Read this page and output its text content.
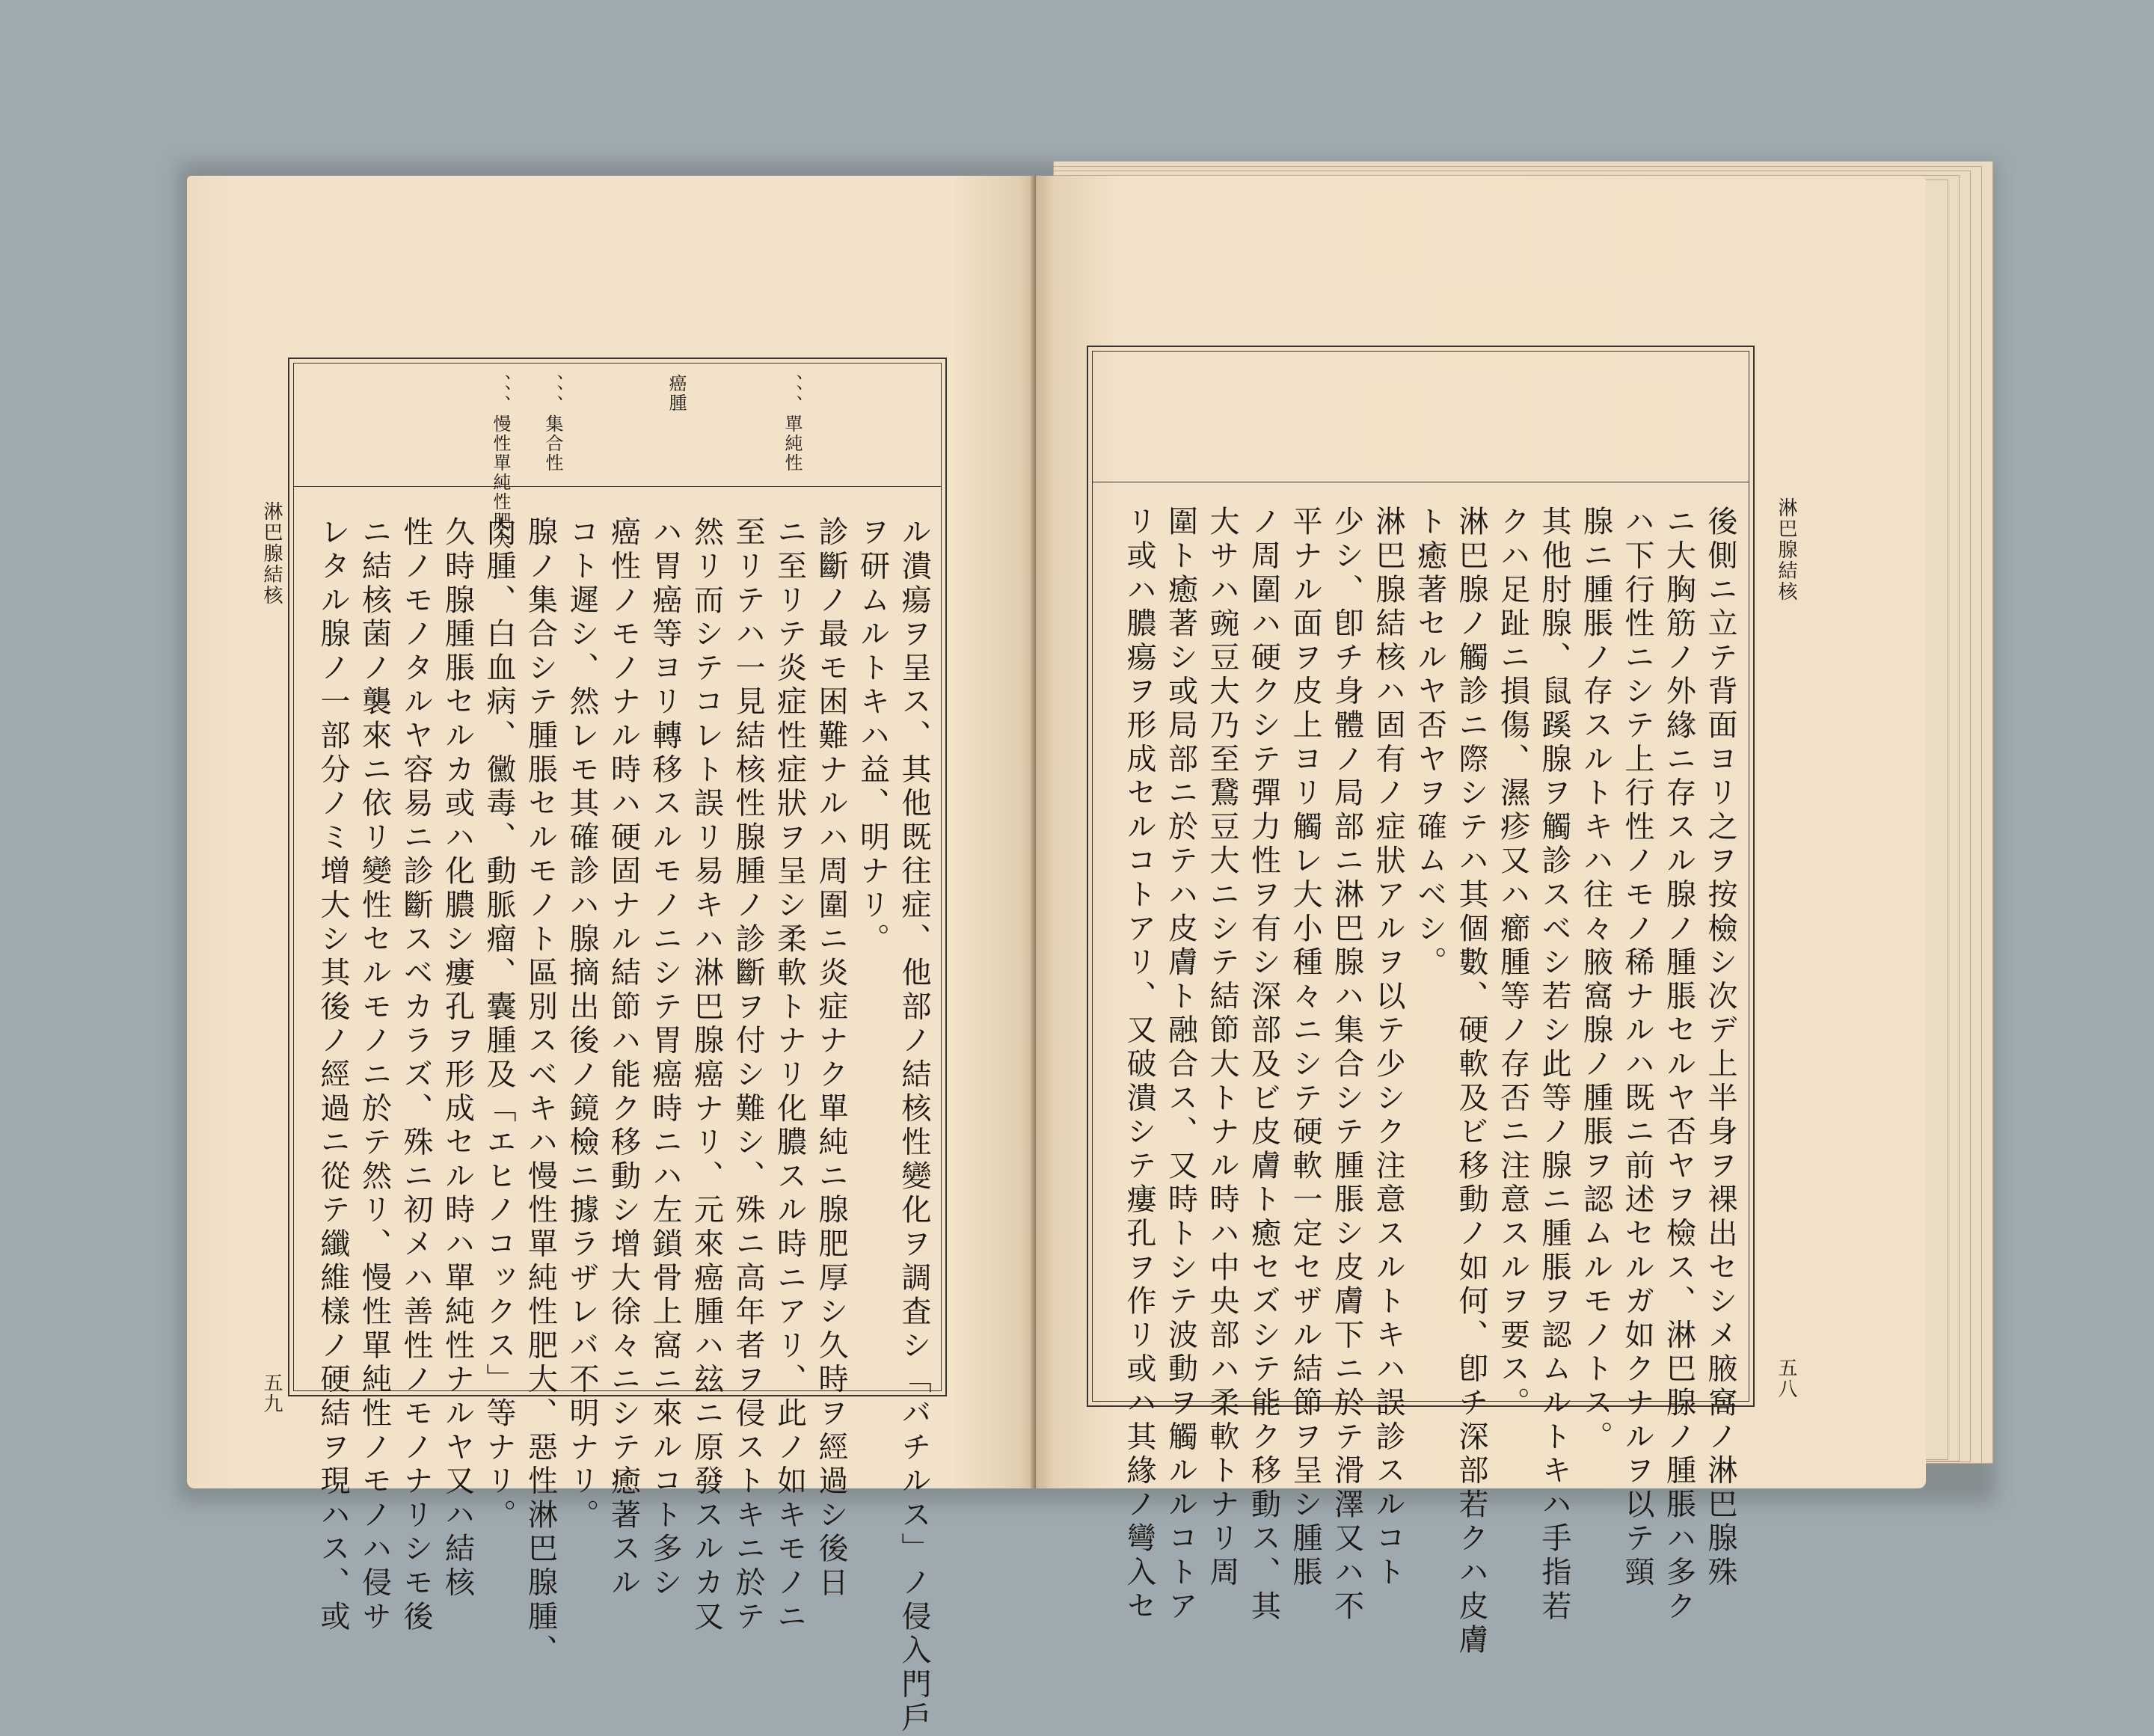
、、、單純性
癌腫
、、、集合性
、、、慢性單純性肥大
ル潰瘍ヲ呈ス、其他既往症、他部ノ結核性變化ヲ調査シ「バチルス」ノ侵入門戶
ヲ研ムルトキハ益、明ナリ。
診斷ノ最モ困難ナルハ周圍ニ炎症ナク單純ニ腺肥厚シ久時ヲ經過シ後日
ニ至リテ炎症性症狀ヲ呈シ柔軟トナリ化膿スル時ニアリ、此ノ如キモノニ
至リテハ一見結核性腺腫ノ診斷ヲ付シ難シ、殊ニ高年者ヲ侵ストキニ於テ
然リ而シテコレト誤リ易キハ淋巴腺癌ナリ、元來癌腫ハ玆ニ原發スルカ又
ハ胃癌等ヨリ轉移スルモノニシテ胃癌時ニハ左鎖骨上窩ニ來ルコト多シ
癌性ノモノナル時ハ硬固ナル結節ハ能ク移動シ增大徐々ニシテ癒著スル
コト遲シ、然レモ其確診ハ腺摘出後ノ鏡檢ニ據ラザレバ不明ナリ。
腺ノ集合シテ腫脹セルモノト區別スベキハ慢性單純性肥大、惡性淋巴腺腫、
肉腫、白血病、黴毒、動脈瘤、囊腫及「エヒノコックス」等ナリ。
久時腺腫脹セルカ或ハ化膿シ瘻孔ヲ形成セル時ハ單純性ナルヤ又ハ結核
性ノモノタルヤ容易ニ診斷スベカラズ、殊ニ初メハ善性ノモノナリシモ後
ニ結核菌ノ襲來ニ依リ變性セルモノニ於テ然リ、慢性單純性ノモノハ侵サ
レタル腺ノ一部分ノミ增大シ其後ノ經過ニ從テ纖維樣ノ硬結ヲ現ハス、或
淋巴腺結核
五九	後側ニ立テ背面ヨリ之ヲ按檢シ次デ上半身ヲ裸出セシメ腋窩ノ淋巴腺殊
ニ大胸筋ノ外緣ニ存スル腺ノ腫脹セルヤ否ヤヲ檢ス、淋巴腺ノ腫脹ハ多ク
ハ下行性ニシテ上行性ノモノ稀ナルハ既ニ前述セルガ如クナルヲ以テ頸
腺ニ腫脹ノ存スルトキハ往々腋窩腺ノ腫脹ヲ認ムルモノトス。
其他肘腺、鼠蹊腺ヲ觸診スベシ若シ此等ノ腺ニ腫脹ヲ認ムルトキハ手指若
クハ足趾ニ損傷、濕疹又ハ癤腫等ノ存否ニ注意スルヲ要ス。
淋巴腺ノ觸診ニ際シテハ其個數、硬軟及ビ移動ノ如何、卽チ深部若クハ皮膚
ト癒著セルヤ否ヤヲ確ムベシ。
淋巴腺結核ハ固有ノ症狀アルヲ以テ少シク注意スルトキハ誤診スルコト
少シ、卽チ身體ノ局部ニ淋巴腺ハ集合シテ腫脹シ皮膚下ニ於テ滑澤又ハ不
平ナル面ヲ皮上ヨリ觸レ大小種々ニシテ硬軟一定セザル結節ヲ呈シ腫脹
ノ周圍ハ硬クシテ彈力性ヲ有シ深部及ビ皮膚ト癒セズシテ能ク移動ス、其
大サハ豌豆大乃至鵞豆大ニシテ結節大トナル時ハ中央部ハ柔軟トナリ周
圍ト癒著シ或局部ニ於テハ皮膚ト融合ス、又時トシテ波動ヲ觸ルルコトア
リ或ハ膿瘍ヲ形成セルコトアリ、又破潰シテ瘻孔ヲ作リ或ハ其緣ノ彎入セ	淋巴腺結核
五八
